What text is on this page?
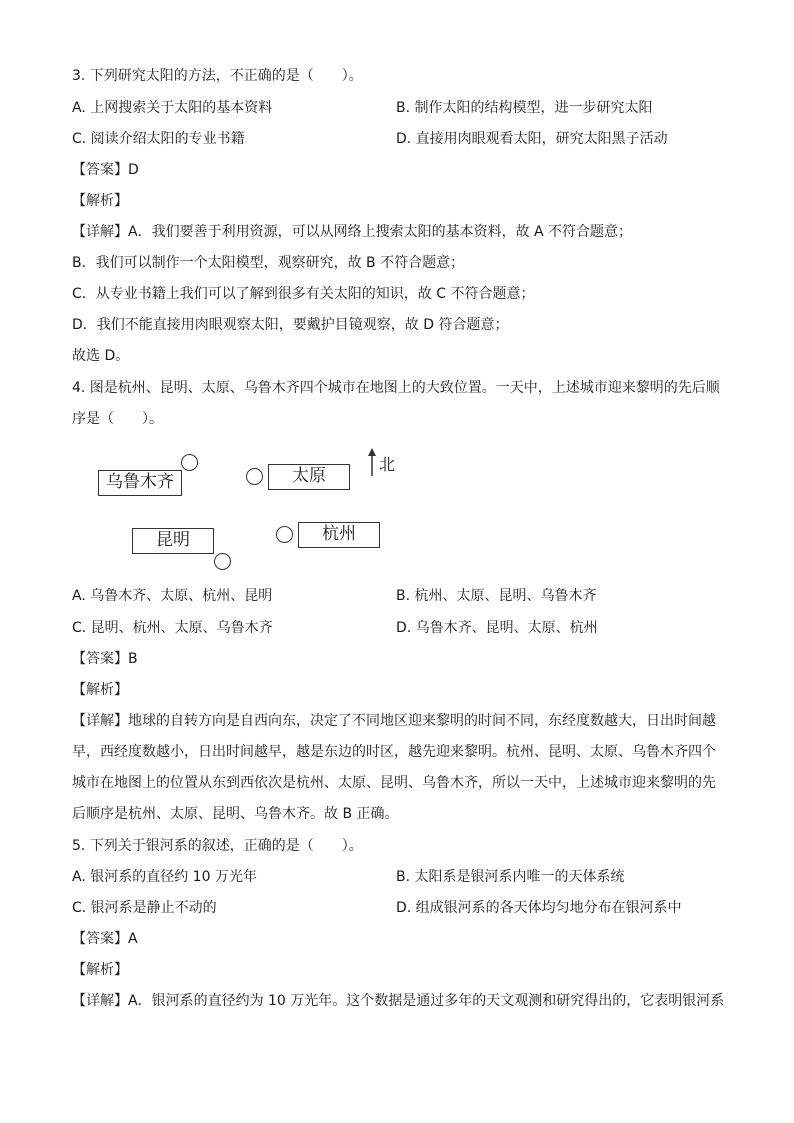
3. 下列研究太阳的方法，不正确的是（　　）。
A. 上网搜索关于太阳的基本资料	B. 制作太阳的结构模型，进一步研究太阳
C. 阅读介绍太阳的专业书籍	D. 直接用肉眼观看太阳，研究太阳黑子活动
【答案】D
【解析】
【详解】A．我们要善于利用资源，可以从网络上搜索太阳的基本资料，故 A 不符合题意；
B．我们可以制作一个太阳模型，观察研究，故 B 不符合题意；
C．从专业书籍上我们可以了解到很多有关太阳的知识，故 C 不符合题意；
D．我们不能直接用肉眼观察太阳，要戴护目镜观察，故 D 符合题意；
故选 D。
4. 图是杭州、昆明、太原、乌鲁木齐四个城市在地图上的大致位置。一天中，上述城市迎来黎明的先后顺
序是（　　）。
乌鲁木齐	太原
昆明	杭州
北
A. 乌鲁木齐、太原、杭州、昆明	B. 杭州、太原、昆明、乌鲁木齐
C. 昆明、杭州、太原、乌鲁木齐	D. 乌鲁木齐、昆明、太原、杭州
【答案】B
【解析】
【详解】地球的自转方向是自西向东，决定了不同地区迎来黎明的时间不同，东经度数越大，日出时间越
早，西经度数越小，日出时间越早，越是东边的时区，越先迎来黎明。杭州、昆明、太原、乌鲁木齐四个
城市在地图上的位置从东到西依次是杭州、太原、昆明、乌鲁木齐，所以一天中，上述城市迎来黎明的先
后顺序是杭州、太原、昆明、乌鲁木齐。故 B 正确。
5. 下列关于银河系的叙述，正确的是（　　）。
A. 银河系的直径约 10 万光年	B. 太阳系是银河系内唯一的天体系统
C. 银河系是静止不动的	D. 组成银河系的各天体均匀地分布在银河系中
【答案】A
【解析】
【详解】A．银河系的直径约为 10 万光年。这个数据是通过多年的天文观测和研究得出的，它表明银河系
